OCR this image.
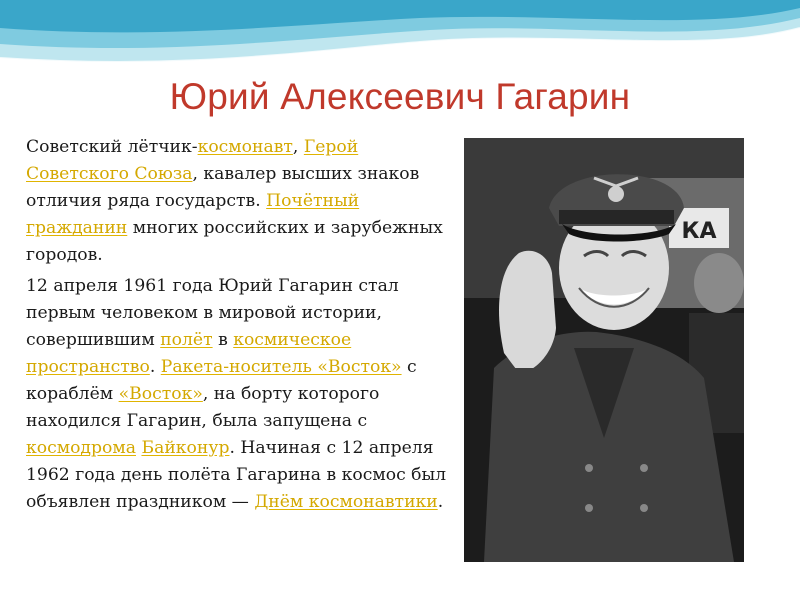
Юрий Алексеевич Гагарин

Советский лётчик-космонавт, Герой Советского Союза, кавалер высших знаков отличия ряда государств. Почётный гражданин многих российских и зарубежных городов.

12 апреля 1961 года Юрий Гагарин стал первым человеком в мировой истории, совершившим полёт в космическое пространство. Ракета-носитель «Восток» с кораблём «Восток», на борту которого находился Гагарин, была запущена с космодрома Байконур. Начиная с 12 апреля 1962 года день полёта Гагарина в космос был объявлен праздником — Днём космонавтики.

КА
